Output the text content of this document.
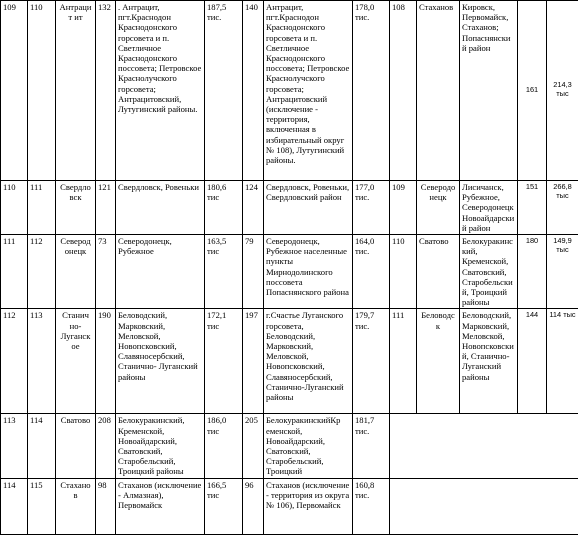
109	110	Антрацит ит	132	. Антрацит, пгт.Краснодон Краснодонского горсовета и п. Светличное Краснодонского поссовета; Петровское Краснолучского горсовета; Антрацитовский, Лутугинский районы.	187,5 тис.	140	Антрацит, пгт.Краснодон Краснодонского горсовета и п. Светличное Краснодонского поссовета; Петровское Краснолучского горсовета; Антрацитовский (исключение - территория, включенная в избирательный округ № 108), Лутугинский районы.	178,0 тис.	108	Стаханов	Кировск, Первомайск, Стаханов; Попаснянски й район	161	214,3 тыс
110	111	Свердло вск	121	Свердловск, Ровеньки	180,6 тис	124	Свердловск, Ровеньки, Свердловский район	177,0 тис.	109	Северодо нецк	Лисичанск, Рубежное, Северодонецк Новоайдарски й район	151	266,8 тыс
111	112	Северод онецк	73	Северодонецк, Рубежное	163,5 тис	79	Северодонецк, Рубежное населенные пункты Мирнодолинского поссовета Попаснянского района	164,0 тис.	110	Сватово	Белокуракинс кий, Кременской, Сватовский, Старобельски й, Троицкий районы	180	149,9 тыс
112	113	Станич но- Луганск ое	190	Беловодский, Марковский, Меловской, Новопсковский, Славяносербский, Станично- Луганский районы	172,1 тис	197	г.Счастье Луганского горсовета, Беловодский, Марковский, Меловской, Новопсковский, Славяносербский, Станично-Луганский районы	179,7 тис.	111	Беловодс к	Беловодский, Марковский, Меловской, Новопсковски й, Станично- Луганский районы	144	114 тыс
113	114	Сватово	208	Белокуракинский, Кременской, Новоайдарский, Сватовский, Старобельский, Троицкий районы	186,0 тис	205	БелокуракинскийКр еменской, Новоайдарский, Сватовский, Старобельский, Троицкий	181,7 тис.					
114	115	Стахано в	98	Стаханов (исключение - Алмазная), Первомайск	166,5 тис	96	Стаханов (исключение - территория из округа № 106), Первомайск	160,8 тис.					
